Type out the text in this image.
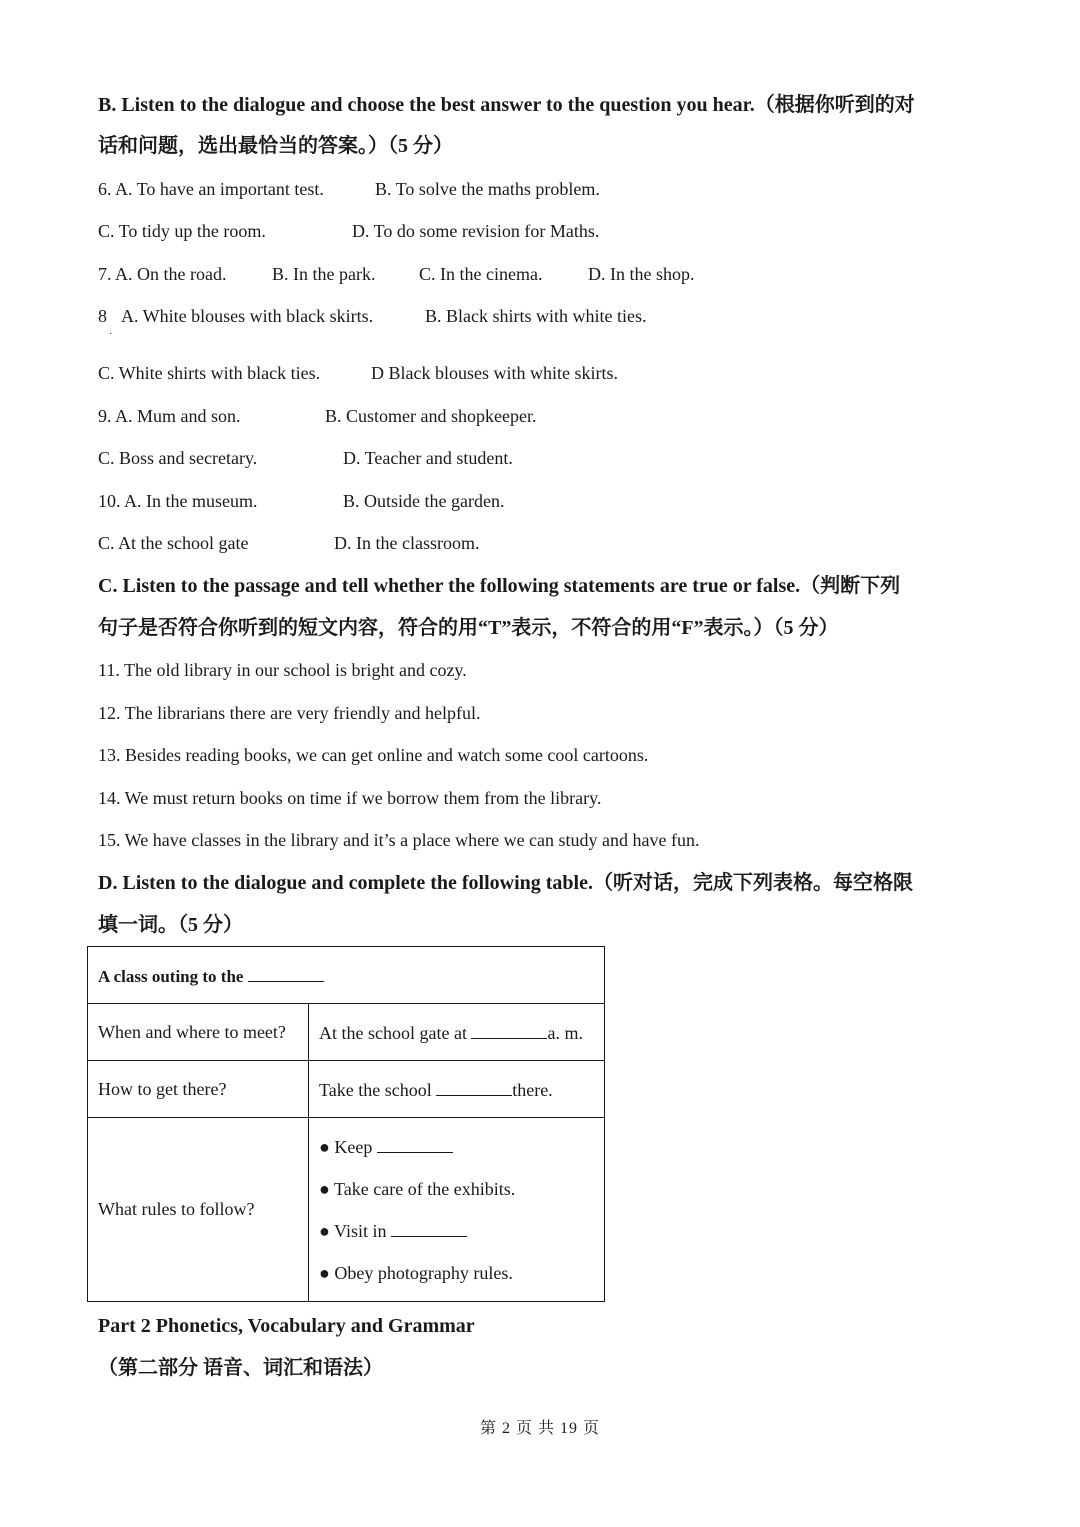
B. Listen to the dialogue and choose the best answer to the question you hear.（根据你听到的对
话和问题，选出最恰当的答案。）（5 分）
6. A. To have an important test.	B. To solve the maths problem.
C. To tidy up the room.	D. To do some revision for Maths.
7. A. On the road.	B. In the park. C. In the cinema.	D. In the shop.
8 A. White blouses with black skirts.	B. Black shirts with white ties.
·
C. White shirts with black ties.	D Black blouses with white skirts.
9. A. Mum and son.	B. Customer and shopkeeper.
C. Boss and secretary.	D. Teacher and student.
10. A. In the museum.	B. Outside the garden.
C. At the school gate	D. In the classroom.
C. Listen to the passage and tell whether the following statements are true or false.（判断下列
句子是否符合你听到的短文内容，符合的用“T”表示，不符合的用“F”表示。）（5 分）
11. The old library in our school is bright and cozy.
12. The librarians there are very friendly and helpful.
13. Besides reading books, we can get online and watch some cool cartoons.
14. We must return books on time if we borrow them from the library.
15. We have classes in the library and it’s a place where we can study and have fun.
D. Listen to the dialogue and complete the following table.（听对话，完成下列表格。每空格限
填一词。（5 分）
A class outing to the	
When and where to meet?	At the school gate at a. m.
How to get there?	Take the school there.
What rules to follow?	● Keep
● Take care of the exhibits.
● Visit in
● Obey photography rules.
Part 2 Phonetics, Vocabulary and Grammar
（第二部分 语音、词汇和语法）
第 2 页 共 19 页
